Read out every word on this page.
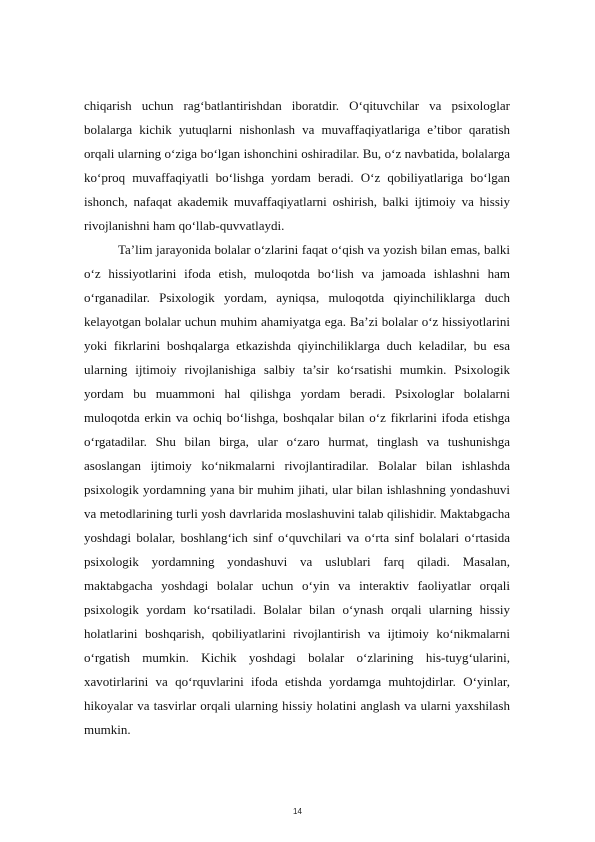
chiqarish uchun rag‘batlantirishdan iboratdir. O‘qituvchilar va psixologlar bolalarga kichik yutuqlarni nishonlash va muvaffaqiyatlariga e’tibor qaratish orqali ularning o‘ziga bo‘lgan ishonchini oshiradilar. Bu, o‘z navbatida, bolalarga ko‘proq muvaffaqiyatli bo‘lishga yordam beradi. O‘z qobiliyatlariga bo‘lgan ishonch, nafaqat akademik muvaffaqiyatlarni oshirish, balki ijtimoiy va hissiy rivojlanishni ham qo‘llab-quvvatlaydi.

Ta’lim jarayonida bolalar o‘zlarini faqat o‘qish va yozish bilan emas, balki o‘z hissiyotlarini ifoda etish, muloqotda bo‘lish va jamoada ishlashni ham o‘rganadilar. Psixologik yordam, ayniqsa, muloqotda qiyinchiliklarga duch kelayotgan bolalar uchun muhim ahamiyatga ega. Ba’zi bolalar o‘z hissiyotlarini yoki fikrlarini boshqalarga etkazishda qiyinchiliklarga duch keladilar, bu esa ularning ijtimoiy rivojlanishiga salbiy ta’sir ko‘rsatishi mumkin. Psixologik yordam bu muammoni hal qilishga yordam beradi. Psixologlar bolalarni muloqotda erkin va ochiq bo‘lishga, boshqalar bilan o‘z fikrlarini ifoda etishga o‘rgatadilar. Shu bilan birga, ular o‘zaro hurmat, tinglash va tushunishga asoslangan ijtimoiy ko‘nikmalarni rivojlantiradilar. Bolalar bilan ishlashda psixologik yordamning yana bir muhim jihati, ular bilan ishlashning yondashuvi va metodlarining turli yosh davrlarida moslashuvini talab qilishidir. Maktabgacha yoshdagi bolalar, boshlang‘ich sinf o‘quvchilari va o‘rta sinf bolalari o‘rtasida psixologik yordamning yondashuvi va uslublari farq qiladi. Masalan, maktabgacha yoshdagi bolalar uchun o‘yin va interaktiv faoliyatlar orqali psixologik yordam ko‘rsatiladi. Bolalar bilan o‘ynash orqali ularning hissiy holatlarini boshqarish, qobiliyatlarini rivojlantirish va ijtimoiy ko‘nikmalarni o‘rgatish mumkin. Kichik yoshdagi bolalar o‘zlarining his-tuyg‘ularini, xavotirlarini va qo‘rquvlarini ifoda etishda yordamga muhtojdirlar. O‘yinlar, hikoyalar va tasvirlar orqali ularning hissiy holatini anglash va ularni yaxshilash mumkin.

14
